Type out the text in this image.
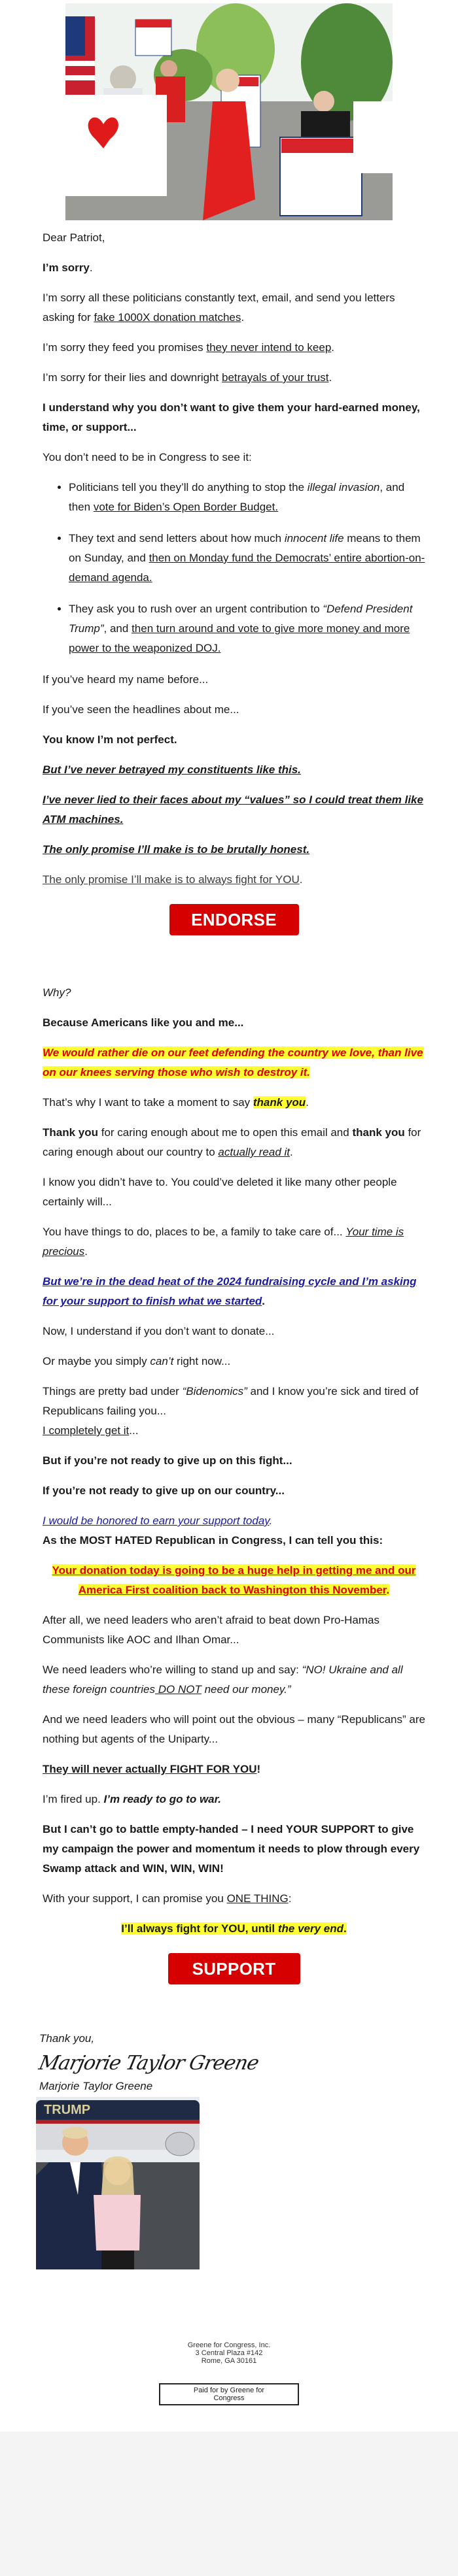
Dear Patriot,

I’m sorry.

I’m sorry all these politicians constantly text, email, and send you letters asking for fake 1000X donation matches.

I’m sorry they feed you promises they never intend to keep.

I’m sorry for their lies and downright betrayals of your trust.

I understand why you don’t want to give them your hard-earned money, time, or support...

You don’t need to be in Congress to see it:

• Politicians tell you they’ll do anything to stop the illegal invasion, and then vote for Biden’s Open Border Budget.
• They text and send letters about how much innocent life means to them on Sunday, and then on Monday fund the Democrats’ entire abortion-on-demand agenda.
• They ask you to rush over an urgent contribution to “Defend President Trump”, and then turn around and vote to give more money and more power to the weaponized DOJ.

If you’ve heard my name before...

If you’ve seen the headlines about me...

You know I’m not perfect.

But I’ve never betrayed my constituents like this.

I’ve never lied to their faces about my “values” so I could treat them like ATM machines.

The only promise I’ll make is to be brutally honest.

The only promise I’ll make is to always fight for YOU.

ENDORSE MTG

Why?

Because Americans like you and me...

We would rather die on our feet defending the country we love, than live on our knees serving those who wish to destroy it.

That’s why I want to take a moment to say thank you.

Thank you for caring enough about me to open this email and thank you for caring enough about our country to actually read it.

I know you didn’t have to. You could’ve deleted it like many other people certainly will...

You have things to do, places to be, a family to take care of... Your time is precious.

But we’re in the dead heat of the 2024 fundraising cycle and I’m asking for your support to finish what we started.

Now, I understand if you don’t want to donate...

Or maybe you simply can’t right now...

Things are pretty bad under “Bidenomics” and I know you’re sick and tired of Republicans failing you...

I completely get it...

But if you’re not ready to give up on this fight...

If you’re not ready to give up on our country...

I would be honored to earn your support today.

As the MOST HATED Republican in Congress, I can tell you this:

Your donation today is going to be a huge help in getting me and our America First coalition back to Washington this November.

After all, we need leaders who aren’t afraid to beat down Pro-Hamas Communists like AOC and Ilhan Omar...

We need leaders who’re willing to stand up and say: “NO! Ukraine and all these foreign countries DO NOT need our money.”

And we need leaders who will point out the obvious – many “Republicans” are nothing but agents of the Uniparty...

They will never actually FIGHT FOR YOU!

I’m fired up. I’m ready to go to war.

But I can’t go to battle empty-handed – I need YOUR SUPPORT to give my campaign the power and momentum it needs to plow through every Swamp attack and WIN, WIN, WIN!

With your support, I can promise you ONE THING:

I’ll always fight for YOU, until the very end.

SUPPORT NOW
Thank you,
Marjorie Taylor Greene
Marjorie Taylor Greene
TRUMP
Greene for Congress, Inc.
3 Central Plaza #142
Rome, GA 30161
Paid for by Greene for Congress
